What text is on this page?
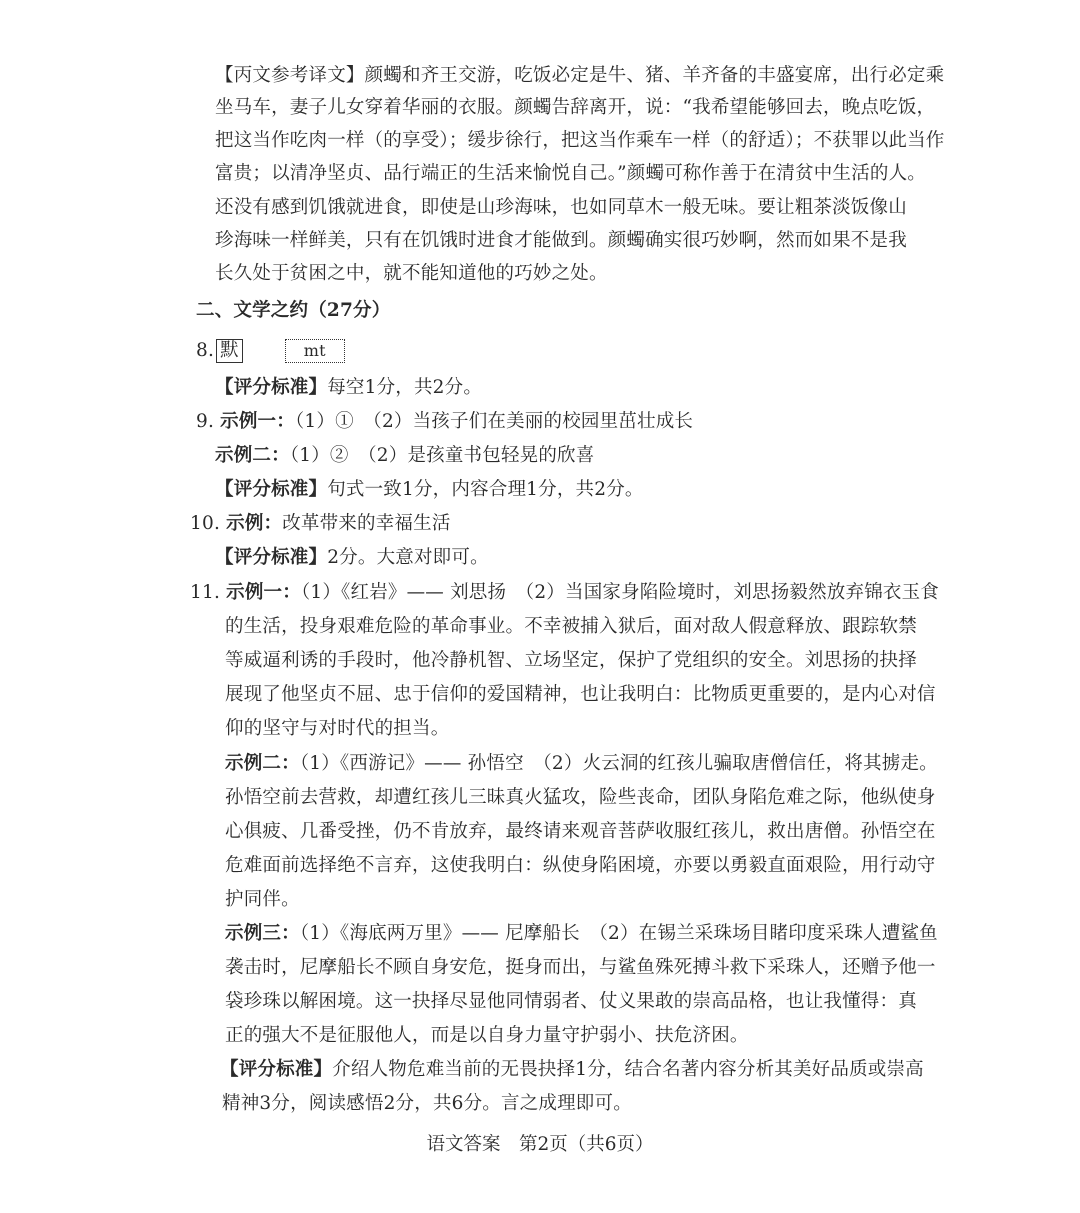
【丙文参考译文】颜蠋和齐王交游，吃饭必定是牛、猪、羊齐备的丰盛宴席，出行必定乘
坐马车，妻子儿女穿着华丽的衣服。颜蠋告辞离开，说：“我希望能够回去，晚点吃饭，
把这当作吃肉一样（的享受）；缓步徐行，把这当作乘车一样（的舒适）；不获罪以此当作
富贵；以清净坚贞、品行端正的生活来愉悦自己。”颜蠋可称作善于在清贫中生活的人。
还没有感到饥饿就进食，即使是山珍海味，也如同草木一般无味。要让粗茶淡饭像山
珍海味一样鲜美，只有在饥饿时进食才能做到。颜蠋确实很巧妙啊，然而如果不是我
长久处于贫困之中，就不能知道他的巧妙之处。
二、文学之约（27分）
8. 默	mt
【评分标准】每空1分，共2分。
9. 示例一：（1）①　（2）当孩子们在美丽的校园里茁壮成长
示例二：（1）②　（2）是孩童书包轻晃的欣喜
【评分标准】句式一致1分，内容合理1分，共2分。
10. 示例：改革带来的幸福生活
【评分标准】2分。大意对即可。
11. 示例一：（1）《红岩》—— 刘思扬　（2）当国家身陷险境时，刘思扬毅然放弃锦衣玉食
的生活，投身艰难危险的革命事业。不幸被捕入狱后，面对敌人假意释放、跟踪软禁
等威逼利诱的手段时，他冷静机智、立场坚定，保护了党组织的安全。刘思扬的抉择
展现了他坚贞不屈、忠于信仰的爱国精神，也让我明白：比物质更重要的，是内心对信
仰的坚守与对时代的担当。
示例二：（1）《西游记》—— 孙悟空　（2）火云洞的红孩儿骗取唐僧信任，将其掳走。
孙悟空前去营救，却遭红孩儿三昧真火猛攻，险些丧命，团队身陷危难之际，他纵使身
心俱疲、几番受挫，仍不肯放弃，最终请来观音菩萨收服红孩儿，救出唐僧。孙悟空在
危难面前选择绝不言弃，这使我明白：纵使身陷困境，亦要以勇毅直面艰险，用行动守
护同伴。
示例三：（1）《海底两万里》—— 尼摩船长　（2）在锡兰采珠场目睹印度采珠人遭鲨鱼
袭击时，尼摩船长不顾自身安危，挺身而出，与鲨鱼殊死搏斗救下采珠人，还赠予他一
袋珍珠以解困境。这一抉择尽显他同情弱者、仗义果敢的崇高品格，也让我懂得：真
正的强大不是征服他人，而是以自身力量守护弱小、扶危济困。
【评分标准】介绍人物危难当前的无畏抉择1分，结合名著内容分析其美好品质或崇高
精神3分，阅读感悟2分，共6分。言之成理即可。
语文答案　第2页（共6页）
